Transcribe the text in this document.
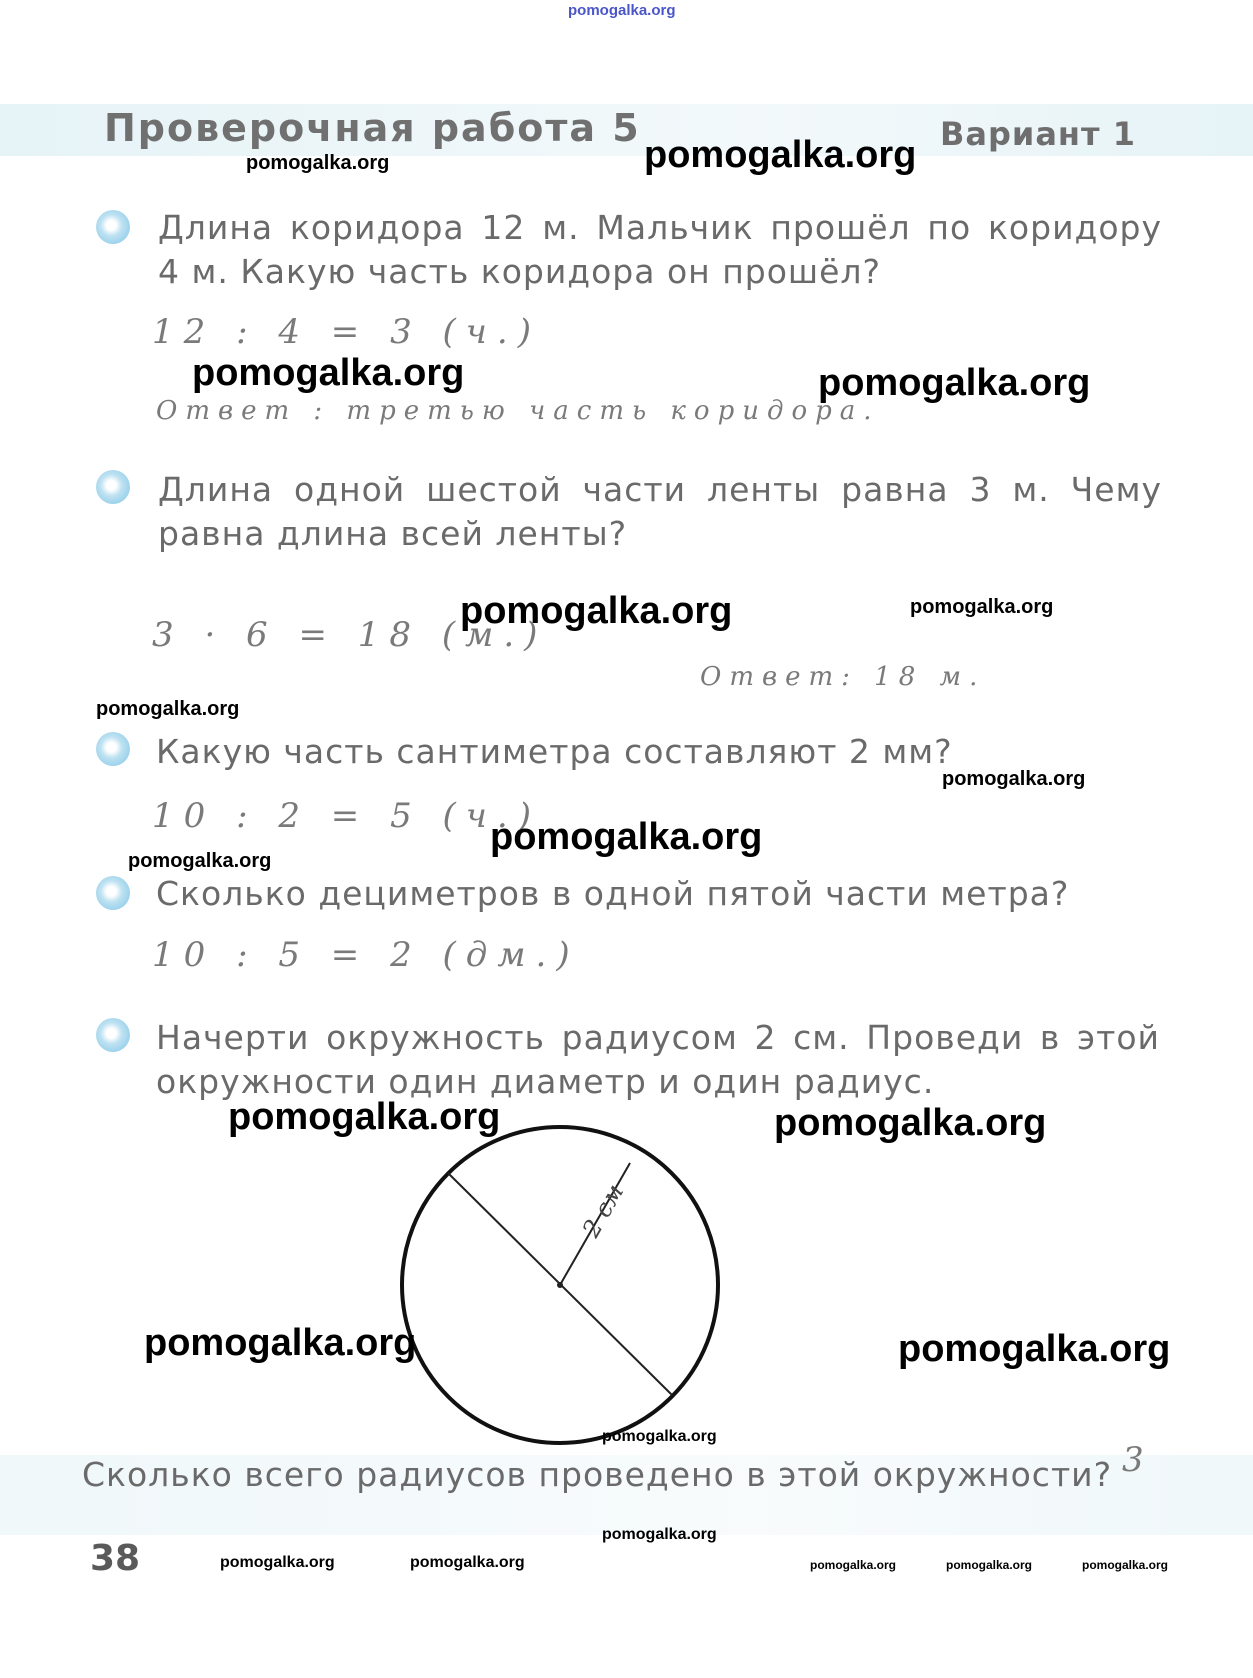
pomogalka.org
Проверочная работа 5	Вариант 1
Длина коридора 12 м. Мальчик прошёл по коридору
4 м. Какую часть коридора он прошёл?
12 : 4 = 3 (ч.)
Ответ : третью часть коридора.
Длина одной шестой части ленты равна 3 м. Чему
равна длина всей ленты?
3 · 6 = 18 (м.)
Ответ: 18 м.
Какую часть сантиметра составляют 2 мм?
10 : 2 = 5 (ч.)
Сколько дециметров в одной пятой части метра?
10 : 5 = 2 (дм.)
Начерти окружность радиусом 2 см. Проведи в этой
окружности один диаметр и один радиус.
2 см
Сколько всего радиусов проведено в этой окружности? 3
38
pomogalka.org	pomogalka.org
pomogalka.org	pomogalka.org
pomogalka.org	pomogalka.org
pomogalka.org
pomogalka.org
pomogalka.org
pomogalka.org
pomogalka.org	pomogalka.org
pomogalka.org	pomogalka.org
pomogalka.org
pomogalka.org
pomogalka.org	pomogalka.org	pomogalka.org	pomogalka.org	pomogalka.org
